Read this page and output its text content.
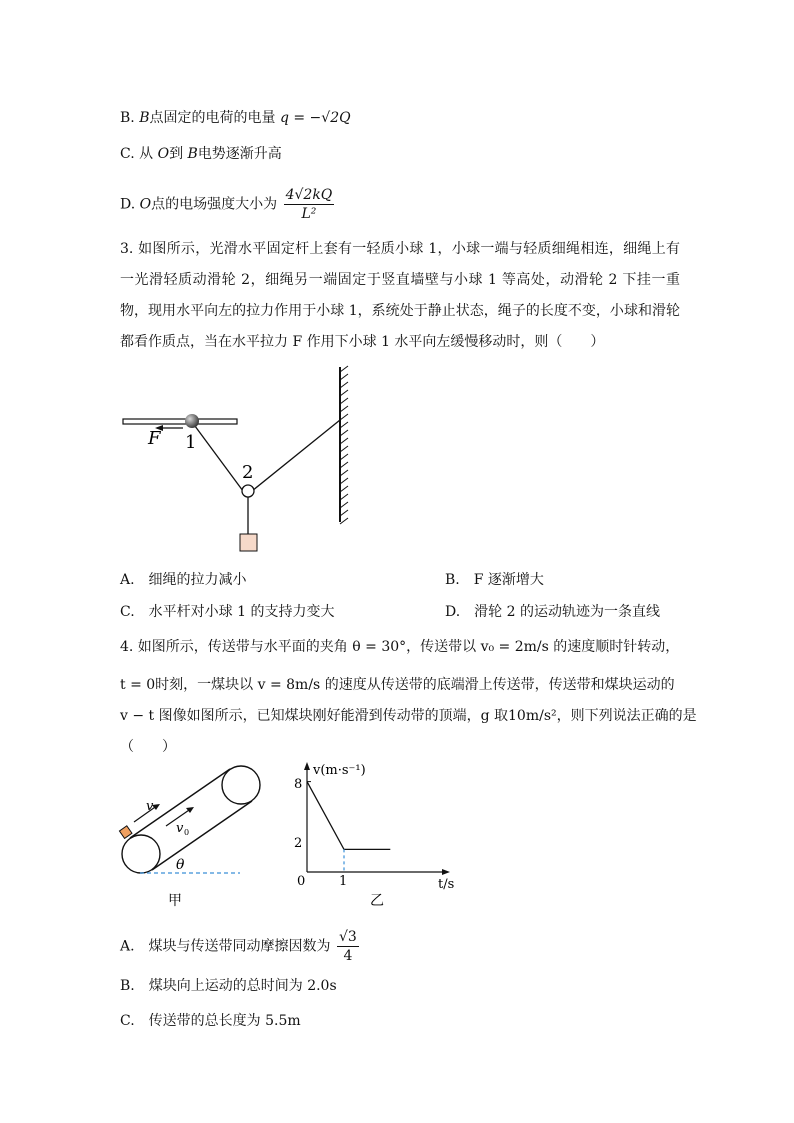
B. B点固定的电荷的电量 q = −√2Q
C. 从 O到 B电势逐渐升高
D. O点的电场强度大小为 $\frac{4√2kQ}{\text{L²}}$
3. 如图所示，光滑水平固定杆上套有一轻质小球 1，小球一端与轻质细绳相连，细绳上有一光滑轻质动滑轮 2，细绳另一端固定于竖直墙壁与小球 1 等高处，动滑轮 2 下挂一重物，现用水平向左的拉力作用于小球 1，系统处于静止状态，绳子的长度不变，小球和滑轮都看作质点，当在水平拉力 F 作用下小球 1 水平向左缓慢移动时，则（　　）
F 1
2
A.　细绳的拉力减小	B.　F 逐渐增大
C.　水平杆对小球 1 的支持力变大	D.　滑轮 2 的运动轨迹为一条直线
4. 如图所示，传送带与水平面的夹角 θ = 30°，传送带以 v₀ = 2m/s 的速度顺时针转动，
t = 0时刻，一煤块以 v = 8m/s 的速度从传送带的底端滑上传送带，传送带和煤块运动的
v − t 图像如图所示，已知煤块刚好能滑到传动带的顶端，g 取10m/s²，则下列说法正确的是
（　　）
v
v 0
θ
甲
v(m·s⁻¹)
t/s
8
2
0	1
乙
A.　煤块与传送带同动摩擦因数为 $\frac{√3}{4}$
B.　煤块向上运动的总时间为 2.0s
C.　传送带的总长度为 5.5m
